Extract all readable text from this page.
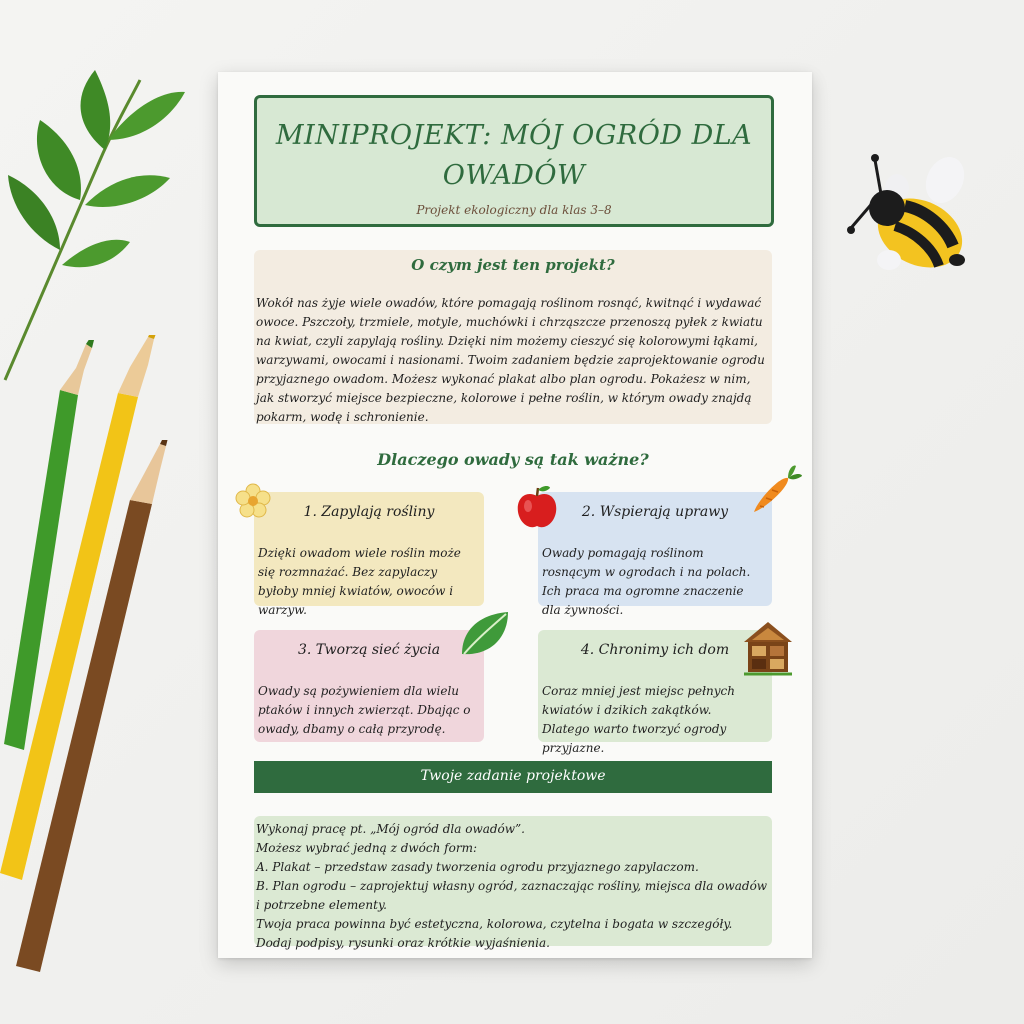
MINIPROJEKT: MÓJ OGRÓD DLA OWADÓW
Projekt ekologiczny dla klas 3–8
O czym jest ten projekt?
Wokół nas żyje wiele owadów, które pomagają roślinom rosnąć, kwitnąć i wydawać owoce. Pszczoły, trzmiele, motyle, muchówki i chrząszcze przenoszą pyłek z kwiatu na kwiat, czyli zapylają rośliny. Dzięki nim możemy cieszyć się kolorowymi łąkami, warzywami, owocami i nasionami. Twoim zadaniem będzie zaprojektowanie ogrodu przyjaznego owadom. Możesz wykonać plakat albo plan ogrodu. Pokażesz w nim, jak stworzyć miejsce bezpieczne, kolorowe i pełne roślin, w którym owady znajdą pokarm, wodę i schronienie.
Dlaczego owady są tak ważne?
1. Zapylają rośliny
Dzięki owadom wiele roślin może się rozmnażać. Bez zapylaczy byłoby mniej kwiatów, owoców i warzyw.
2. Wspierają uprawy
Owady pomagają roślinom rosnącym w ogrodach i na polach. Ich praca ma ogromne znaczenie dla żywności.
3. Tworzą sieć życia
Owady są pożywieniem dla wielu ptaków i innych zwierząt. Dbając o owady, dbamy o całą przyrodę.
4. Chronimy ich dom
Coraz mniej jest miejsc pełnych kwiatów i dzikich zakątków. Dlatego warto tworzyć ogrody przyjazne.
Twoje zadanie projektowe
Wykonaj pracę pt. „Mój ogród dla owadów”.
Możesz wybrać jedną z dwóch form:
A. Plakat – przedstaw zasady tworzenia ogrodu przyjaznego zapylaczom.
B. Plan ogrodu – zaprojektuj własny ogród, zaznaczając rośliny, miejsca dla owadów i potrzebne elementy.
Twoja praca powinna być estetyczna, kolorowa, czytelna i bogata w szczegóły. Dodaj podpisy, rysunki oraz krótkie wyjaśnienia.
